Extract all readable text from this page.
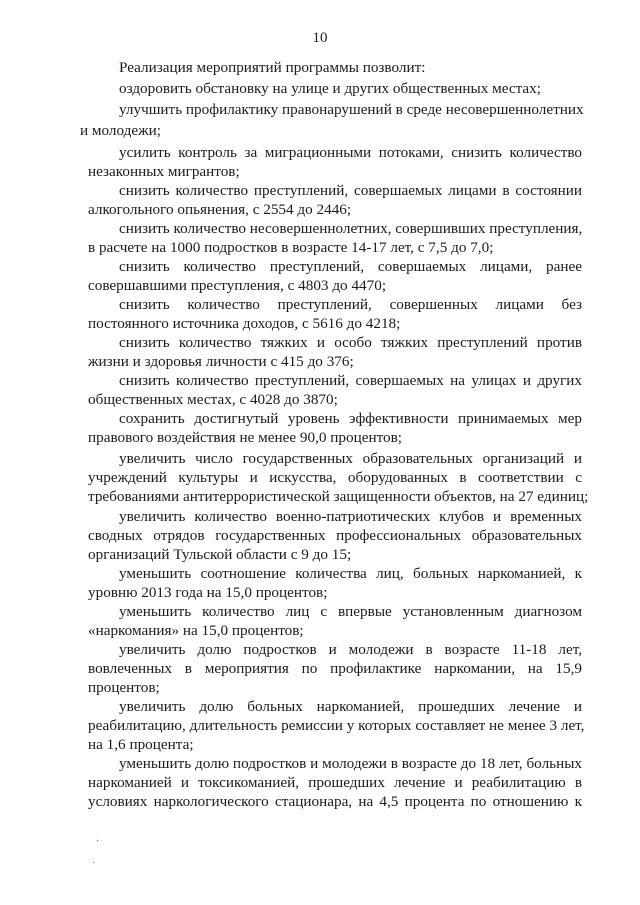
10
Реализация мероприятий программы позволит:
оздоровить обстановку на улице и других общественных местах;
улучшить профилактику правонарушений в среде несовершеннолетних
и молодежи;
усилить контроль за миграционными потоками, снизить количество
незаконных мигрантов;
снизить количество преступлений, совершаемых лицами в состоянии
алкогольного опьянения, с 2554 до 2446;
снизить количество несовершеннолетних, совершивших преступления,
в расчете на 1000 подростков в возрасте 14-17 лет, с 7,5 до 7,0;
снизить количество преступлений, совершаемых лицами, ранее
совершавшими преступления, с 4803 до 4470;
снизить количество преступлений, совершенных лицами без
постоянного источника доходов, с 5616 до 4218;
снизить количество тяжких и особо тяжких преступлений против
жизни и здоровья личности с 415 до 376;
снизить количество преступлений, совершаемых на улицах и других
общественных местах, с 4028 до 3870;
сохранить достигнутый уровень эффективности принимаемых мер
правового воздействия не менее 90,0 процентов;
увеличить число государственных образовательных организаций и
учреждений культуры и искусства, оборудованных в соответствии с
требованиями антитеррористической защищенности объектов, на 27 единиц;
увеличить количество военно-патриотических клубов и временных
сводных отрядов государственных профессиональных образовательных
организаций Тульской области с 9 до 15;
уменьшить соотношение количества лиц, больных наркоманией, к
уровню 2013 года на 15,0 процентов;
уменьшить количество лиц с впервые установленным диагнозом
«наркомания» на 15,0 процентов;
увеличить долю подростков и молодежи в возрасте 11-18 лет,
вовлеченных в мероприятия по профилактике наркомании, на 15,9
процентов;
увеличить долю больных наркоманией, прошедших лечение и
реабилитацию, длительность ремиссии у которых составляет не менее 3 лет,
на 1,6 процента;
уменьшить долю подростков и молодежи в возрасте до 18 лет, больных
наркоманией и токсикоманией, прошедших лечение и реабилитацию в
условиях наркологического стационара, на 4,5 процента по отношению к
·
·
